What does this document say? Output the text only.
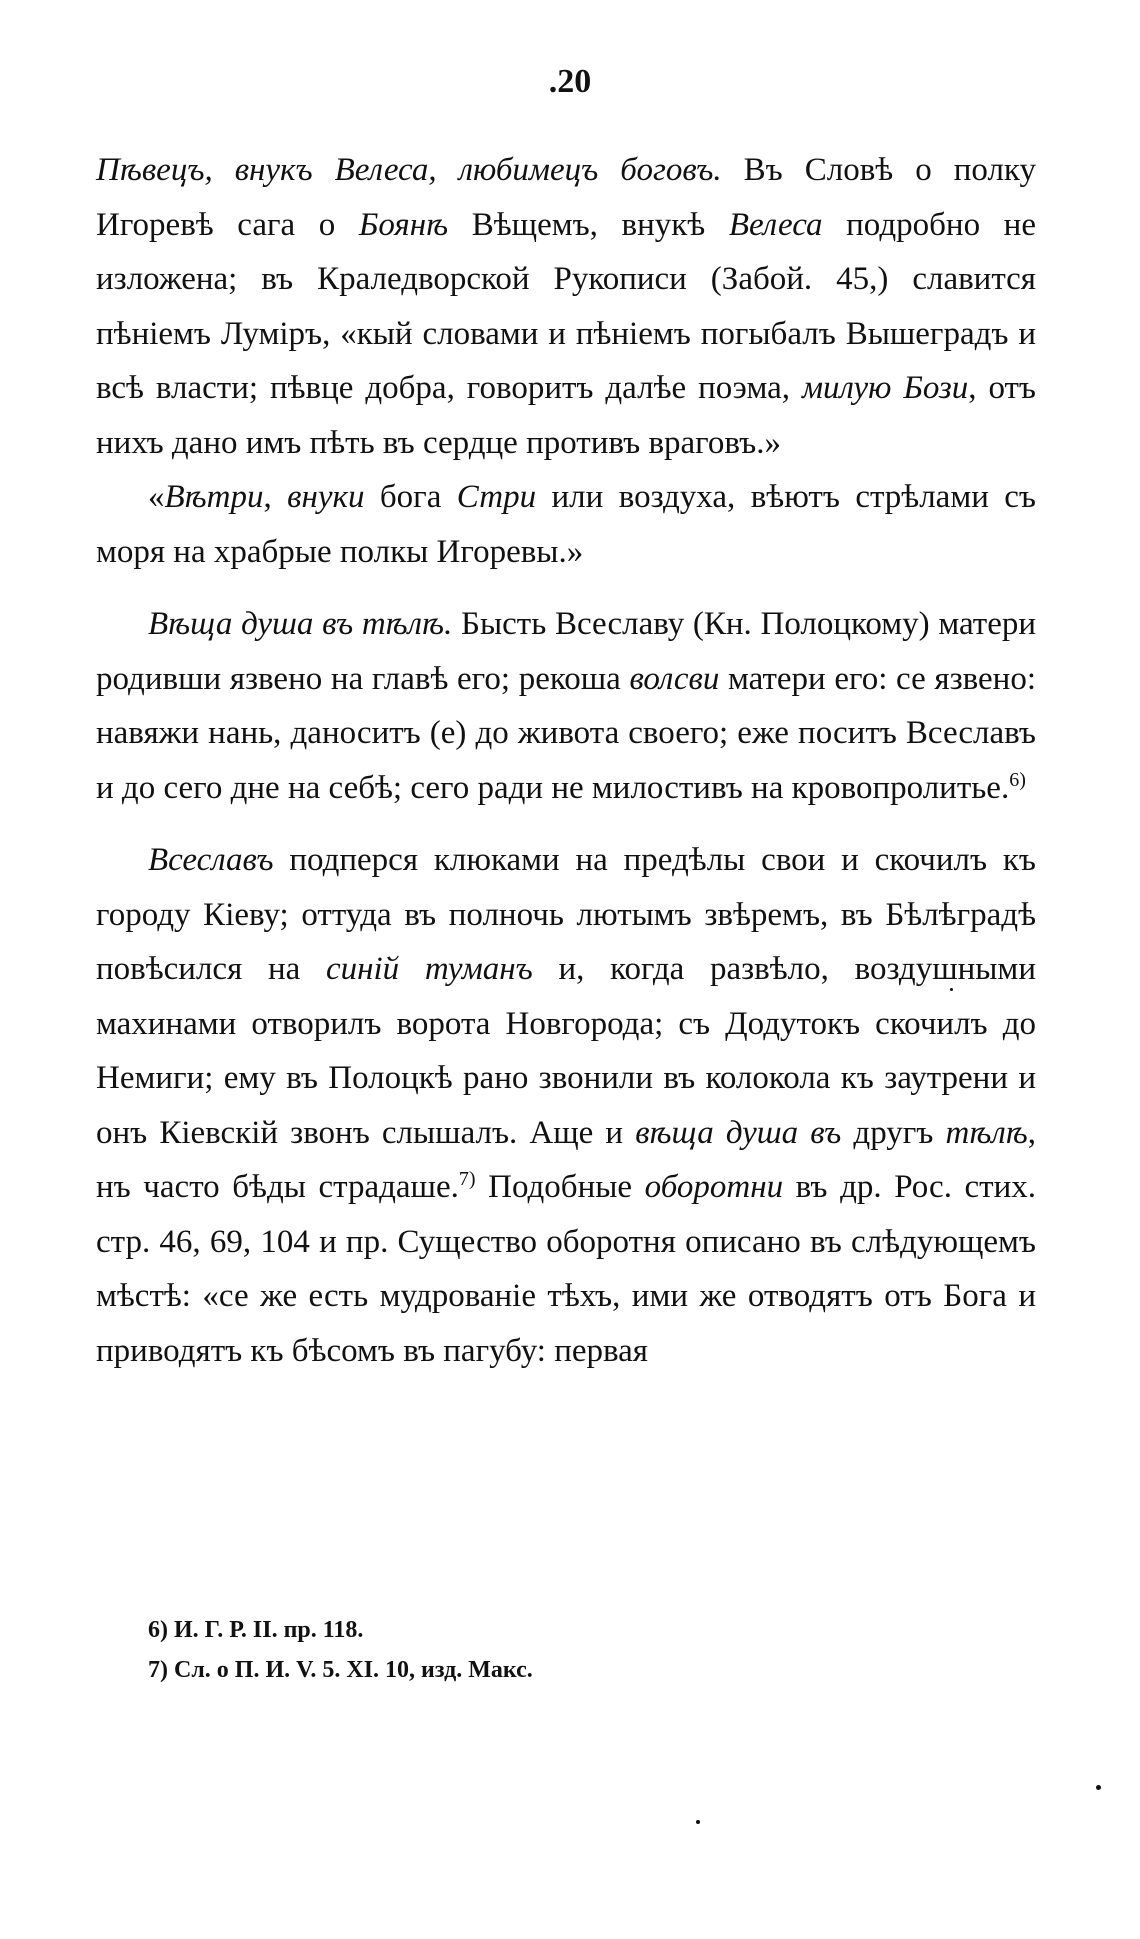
.20

Пѣвецъ, внукъ Велеса, любимецъ боговъ. Въ Словѣ о полку Игоревѣ сага о Боянѣ Вѣщемъ, внукѣ Велеса подробно не изложена; въ Краледворской Рукописи (Забой. 45,) славится пѣніемъ Лумiръ, «кый словами и пѣніемъ погыбалъ Вышеградъ и всѣ власти; пѣвце добра, говоритъ далѣе поэма, милую Бози, отъ нихъ дано имъ пѣть въ сердце противъ враговъ.»

«Вѣтри, внуки бога Стри или воздуха, вѣютъ стрѣлами съ моря на храбрые полкы Игоревы.»

Вѣща душа въ тѣлѣ. Бысть Всеславу (Кн. Полоцкому) матери родивши язвено на главѣ его; рекоша волсви матери его: се язвено: навяжи нань, даноситъ (е) до живота своего; еже поситъ Всеславъ и до сего дне на себѣ; сего ради не милостивъ на кровопролитье.$^{6)}$

Всеславъ подперся клюками на предѣлы свои и скочилъ къ городу Кіеву; оттуда въ полночь лютымъ звѣремъ, въ Бѣлѣградѣ повѣсился на синій туманъ и, когда развѣло, воздушными махинами отворилъ ворота Новгорода; съ Додутокъ скочилъ до Немиги; ему въ Полоцкѣ рано звонили въ колокола къ заутрени и онъ Кіевскій звонъ слышалъ. Аще и вѣща душа въ другъ тѣлѣ, нъ часто бѣды страдаше.$^{7)}$ Подобные оборотни въ др. Рос. стих. стр. 46, 69, 104 и пр. Существо оборотня описано въ слѣдующемъ мѣстѣ: «се же есть мудрованіе тѣхъ, ими же отводятъ отъ Бога и приводятъ къ бѣсомъ въ пагубу: первая

6) И. Г. Р. II. пр. 118.

7) Сл. о П. И. V. 5. XI. 10, изд. Макс.
